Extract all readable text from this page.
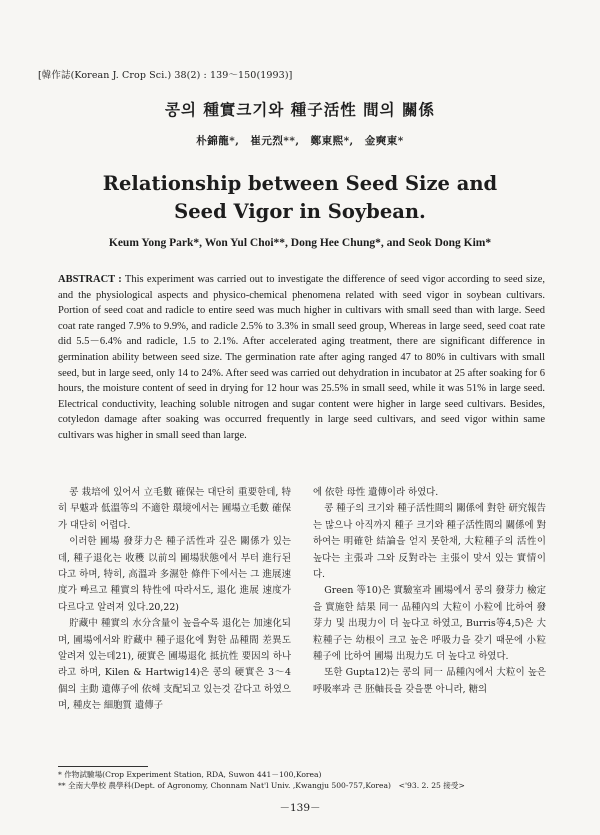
[韓作誌(Korean J. Crop Sci.) 38(2) : 139～150(1993)]
콩의 種實크기와 種子活性 間의 關係
朴錦龍*,　崔元烈**,　鄭東熙*,　金奭東*
Relationship between Seed Size and
Seed Vigor in Soybean.
Keum Yong Park*, Won Yul Choi**, Dong Hee Chung*, and Seok Dong Kim*
ABSTRACT : This experiment was carried out to investigate the difference of seed vigor according to seed size, and the physiological aspects and physico-chemical phenomena related with seed vigor in soybean cultivars. Portion of seed coat and radicle to entire seed was much higher in cultivars with small seed than with large. Seed coat rate ranged 7.9% to 9.9%, and radicle 2.5% to 3.3% in small seed group, Whereas in large seed, seed coat rate did 5.5－6.4% and radicle, 1.5 to 2.1%. After accelerated aging treatment, there are significant difference in germination ability between seed size. The germination rate after aging ranged 47 to 80% in cultivars with small seed, but in large seed, only 14 to 24%. After seed was carried out dehydration in incubator at 25 after soaking for 6 hours, the moisture content of seed in drying for 12 hour was 25.5% in small seed, while it was 51% in large seed. Electrical conductivity, leaching soluble nitrogen and sugar content were higher in large seed cultivars. Besides, cotyledon damage after soaking was occurred frequently in large seed cultivars, and seed vigor within same cultivars was higher in small seed than large.

콩 栽培에 있어서 立毛數 確保는 대단히 重要한데, 特히 早魃과 低溫等의 不適한 環境에서는 圃場立毛數 確保가 대단히 어렵다.

이러한 圃場 發芽力은 種子活性과 깊은 關係가 있는데, 種子退化는 收穫 以前의 圃場狀態에서 부터 進行된다고 하며, 特히, 高溫과 多濕한 條件下에서는 그 進展速度가 빠르고 種實의 特性에 따라서도, 退化 進展 速度가 다르다고 알려져 있다.20,22)

貯藏中 種實의 水分含量이 높을수록 退化는 加速化되며, 圃場에서와 貯藏中 種子退化에 對한 品種間 差異도 알려져 있는데21), 硬實은 圃場退化 抵抗性 要因의 하나라고 하며, Kilen & Hartwig14)은 콩의 硬實은 3～4個의 主動 遺傳子에 依해 支配되고 있는것 같다고 하였으며, 種皮는 細胞質 遺傳子

에 依한 母性 遺傳이라 하였다.

콩 種子의 크기와 種子活性間의 關係에 對한 研究報告는 많으나 아직까지 種子 크기와 種子活性間의 關係에 對하여는 明確한 結論을 얻지 못한채, 大粒種子의 活性이 높다는 主張과 그와 反對라는 主張이 맞서 있는 實情이다.

Green 等10)은 實驗室과 圃場에서 콩의 發芽力 檢定을 實施한 結果 同一 品種內의 大粒이 小粒에 比하여 發芽力 및 出現力이 더 높다고 하였고, Burris等4,5)은 大粒種子는 幼根이 크고 높은 呼吸力을 갖기 때문에 小粒 種子에 比하여 圃場 出現力도 더 높다고 하였다.

또한 Gupta12)는 콩의 同一 品種內에서 大粒이 높은 呼吸率과 큰 胚軸長을 갖을뿐 아니라, 糖의

* 作物試驗場(Crop Experiment Station, RDA, Suwon 441－100,Korea)
** 全南大學校 農學科(Dept. of Agronomy, Chonnam Nat'l Univ. ,Kwangju 500-757,Korea)　<'93. 2. 25 接受>
－139－
